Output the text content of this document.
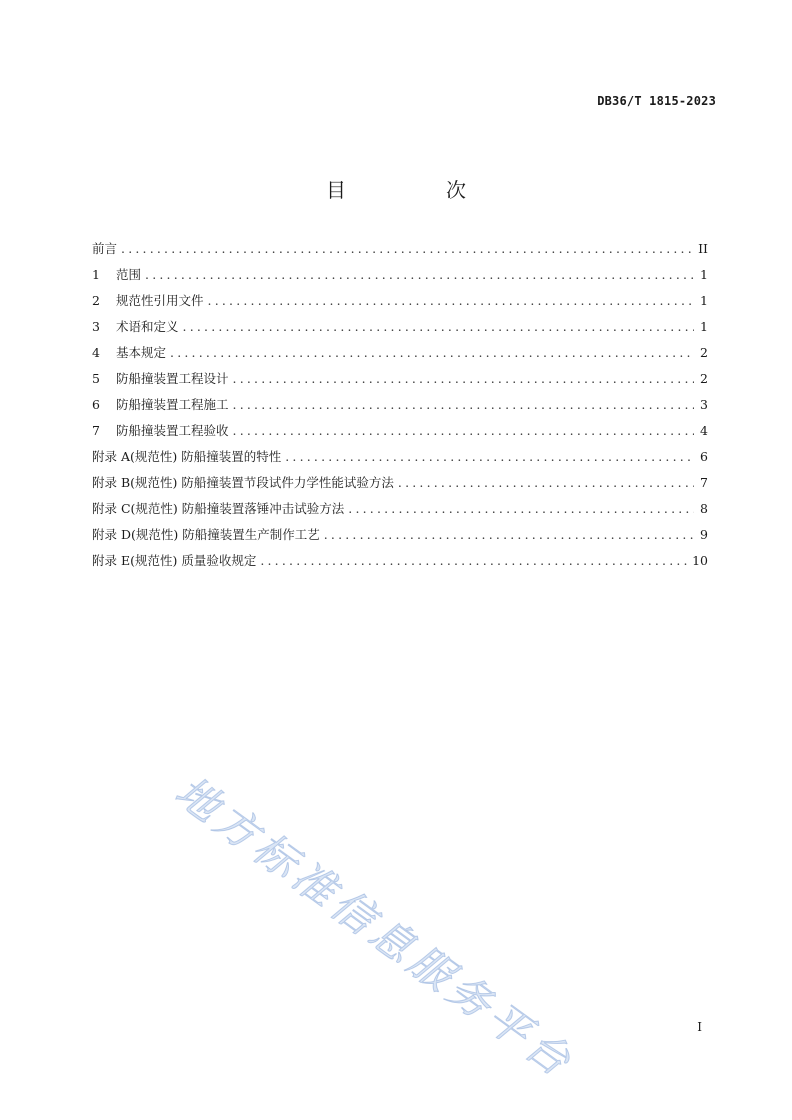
DB36/T 1815-2023
目　次
前言 .....	II
1	范围 .....	1
2	规范性引用文件 .....	1
3	术语和定义 .....	1
4	基本规定 .....	2
5	防船撞装置工程设计 .....	2
6	防船撞装置工程施工 .....	3
7	防船撞装置工程验收 .....	4
附录 A(规范性) 防船撞装置的特性 .....	6
附录 B(规范性) 防船撞装置节段试件力学性能试验方法 .....	7
附录 C(规范性) 防船撞装置落锤冲击试验方法 .....	8
附录 D(规范性) 防船撞装置生产制作工艺 .....	9
附录 E(规范性) 质量验收规定 .....	10
地方标准信息服务平台	I
